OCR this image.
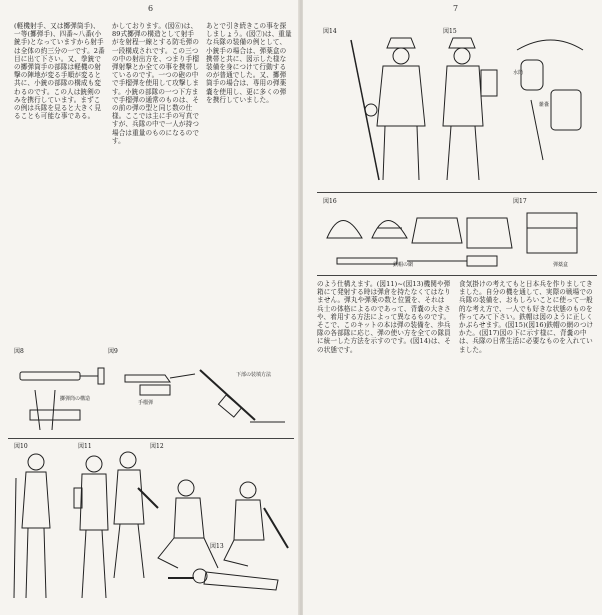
6

(軽機射手、又は擲弾筒手)、一等(擲弾手)、四番~八番(小銃手)となっていますから射手は全体の約三分の一です。2番目に出て下さい。又、拳銃での擲弾筒手の部隊は軽機の射撃の陣地が変る手順が変ると共に、小銃の部隊の構成も変わるのです。この人は銃剣のみを携行しています。まずこの例は兵隊を見ると大きく見ることも可能な事である。

かしております。(図⑥)は、89式擲弾の構造として射手がを射程一線とする防毛弾の一段構成されです。この三つの中の射出方を、つまり手榴弾射撃とか全ての事を携帯しているのです。一つの砲の中で手榴弾を使用して攻撃します。小銃の部隊の一つ下方まで手榴弾の通常のものは、その前の弾の型と同じ数の仕様。ここでは主に手の写真ですが、兵隊の中で一人が持つ場合は重量のものになるのです。

あとで引き続きこの事を探しましょう。(図⑦)は、重量な兵隊の装備の例として、小銃手の場合は、弾薬盒の携帯と共に、図示した様な装備を身につけて行動するのが普通でした。又、擲弾筒手の場合は、専用の弾薬嚢を使用し、更に多くの弾を携行していました。

図8	図9
擲弾筒の構造
手榴弾
下部の装填方法
図10	図11	図12
図13
7
図14	図15
雑嚢
水筒
図16	図17
鉄帽の網	弾薬盒

のよう仕構えます。(図11)~(図13)機関や弾箱にて発射する時は弾倉を持たなくてはなりません。弾丸や弾薬の数と位置を、それは兵士の体格によるのであって、背嚢の大きさや、着用する方法によって異なるものです。そこで、このキットの本は弾の装備を、歩兵隊の各部隊に応じ、弾の使い方を全ての隊員に統一した方法を示すのです。(図14)は、その状態です。

食気掛けの考えてもと日本兵を作りましてきました。自分の機を通して、実際の戦場での兵隊の装備を、おもしろいことに使って一般的な考え方で、一人でも好きな状態のものを作ってみて下さい。鉄帽は図のように正しくかぶらせます。(図15)(図16)鉄帽の網のつけかた。(図17)図の下に示す様に、背嚢の中は、兵隊の日常生活に必要なものを入れていました。
